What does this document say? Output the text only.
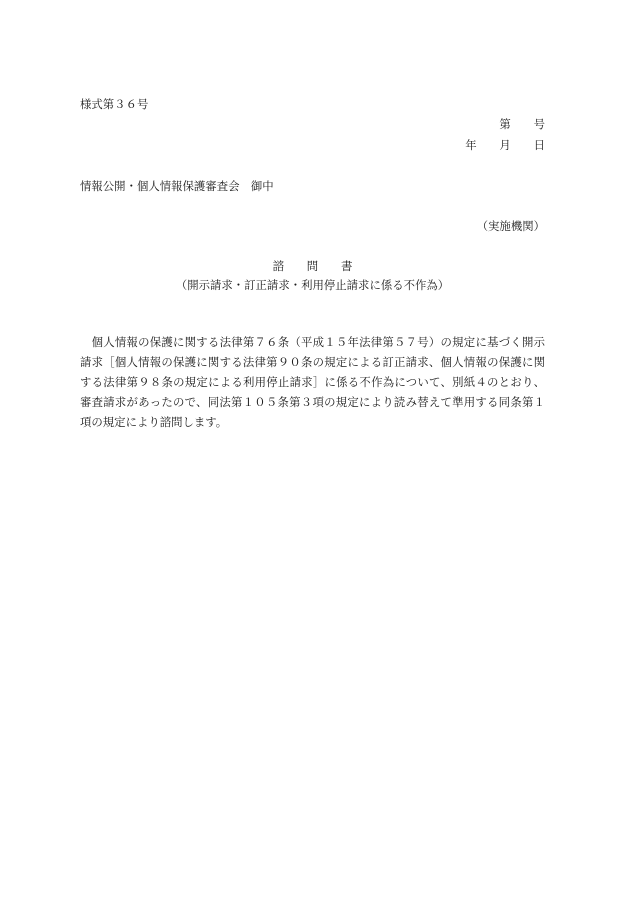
様式第３６号
第　　号
年　　月　　日
情報公開・個人情報保護審査会　御中
（実施機関）
諮　　問　　書
（開示請求・訂正請求・利用停止請求に係る不作為）
　個人情報の保護に関する法律第７６条（平成１５年法律第５７号）の規定に基づく開示
請求［個人情報の保護に関する法律第９０条の規定による訂正請求、個人情報の保護に関
する法律第９８条の規定による利用停止請求］に係る不作為について、別紙４のとおり、
審査請求があったので、同法第１０５条第３項の規定により読み替えて準用する同条第１
項の規定により諮問します。
